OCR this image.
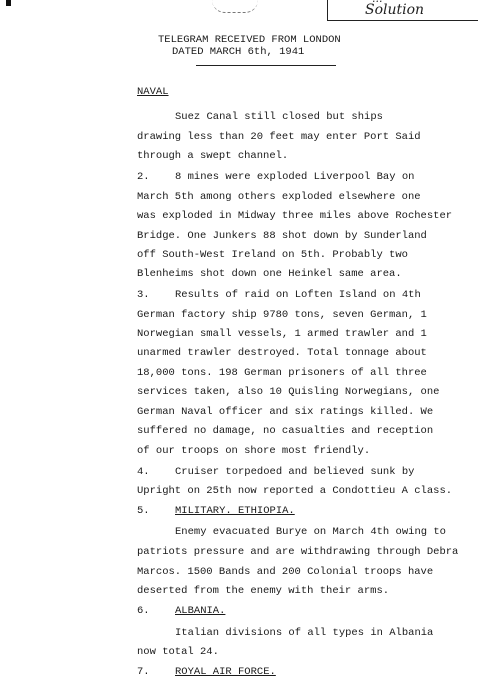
Solution
TELEGRAM RECEIVED FROM LONDON
DATED MARCH 6th, 1941
NAVAL
Suez Canal still closed but ships
drawing less than 20 feet may enter Port Said
through a swept channel.
2. 8 mines were exploded Liverpool Bay on
March 5th among others exploded elsewhere one
was exploded in Midway three miles above Rochester
Bridge. One Junkers 88 shot down by Sunderland
off South-West Ireland on 5th. Probably two
Blenheims shot down one Heinkel same area.
3. Results of raid on Loften Island on 4th
German factory ship 9780 tons, seven German, 1
Norwegian small vessels, 1 armed trawler and 1
unarmed trawler destroyed. Total tonnage about
18,000 tons. 198 German prisoners of all three
services taken, also 10 Quisling Norwegians, one
German Naval officer and six ratings killed. We
suffered no damage, no casualties and reception
of our troops on shore most friendly.
4. Cruiser torpedoed and believed sunk by
Upright on 25th now reported a Condottieu A class.
5. MILITARY. ETHIOPIA.
Enemy evacuated Burye on March 4th owing to
patriots pressure and are withdrawing through Debra
Marcos. 1500 Bands and 200 Colonial troops have
deserted from the enemy with their arms.
6. ALBANIA.
Italian divisions of all types in Albania
now total 24.
7. ROYAL AIR FORCE.
